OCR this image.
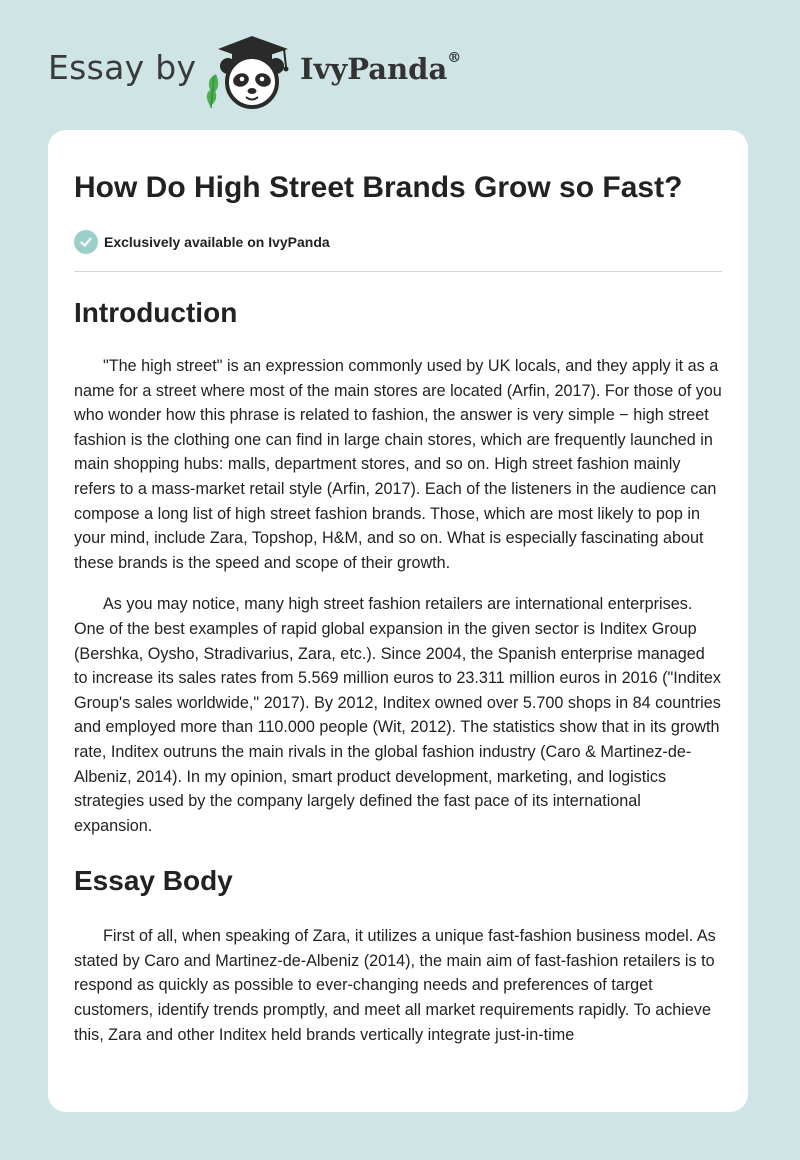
Essay by	IvyPanda®
How Do High Street Brands Grow so Fast?
Exclusively available on IvyPanda
Introduction

"The high street" is an expression commonly used by UK locals, and they apply it as a name for a street where most of the main stores are located (Arfin, 2017). For those of you who wonder how this phrase is related to fashion, the answer is very simple − high street fashion is the clothing one can find in large chain stores, which are frequently launched in main shopping hubs: malls, department stores, and so on. High street fashion mainly refers to a mass-market retail style (Arfin, 2017). Each of the listeners in the audience can compose a long list of high street fashion brands. Those, which are most likely to pop in your mind, include Zara, Topshop, H&M, and so on. What is especially fascinating about these brands is the speed and scope of their growth.

As you may notice, many high street fashion retailers are international enterprises. One of the best examples of rapid global expansion in the given sector is Inditex Group (Bershka, Oysho, Stradivarius, Zara, etc.). Since 2004, the Spanish enterprise managed to increase its sales rates from 5.569 million euros to 23.311 million euros in 2016 ("Inditex Group's sales worldwide," 2017). By 2012, Inditex owned over 5.700 shops in 84 countries and employed more than 110.000 people (Wit, 2012). The statistics show that in its growth rate, Inditex outruns the main rivals in the global fashion industry (Caro & Martinez-de-Albeniz, 2014). In my opinion, smart product development, marketing, and logistics strategies used by the company largely defined the fast pace of its international expansion.

Essay Body

First of all, when speaking of Zara, it utilizes a unique fast-fashion business model. As stated by Caro and Martinez-de-Albeniz (2014), the main aim of fast-fashion retailers is to respond as quickly as possible to ever-changing needs and preferences of target customers, identify trends promptly, and meet all market requirements rapidly. To achieve this, Zara and other Inditex held brands vertically integrate just-in-time
